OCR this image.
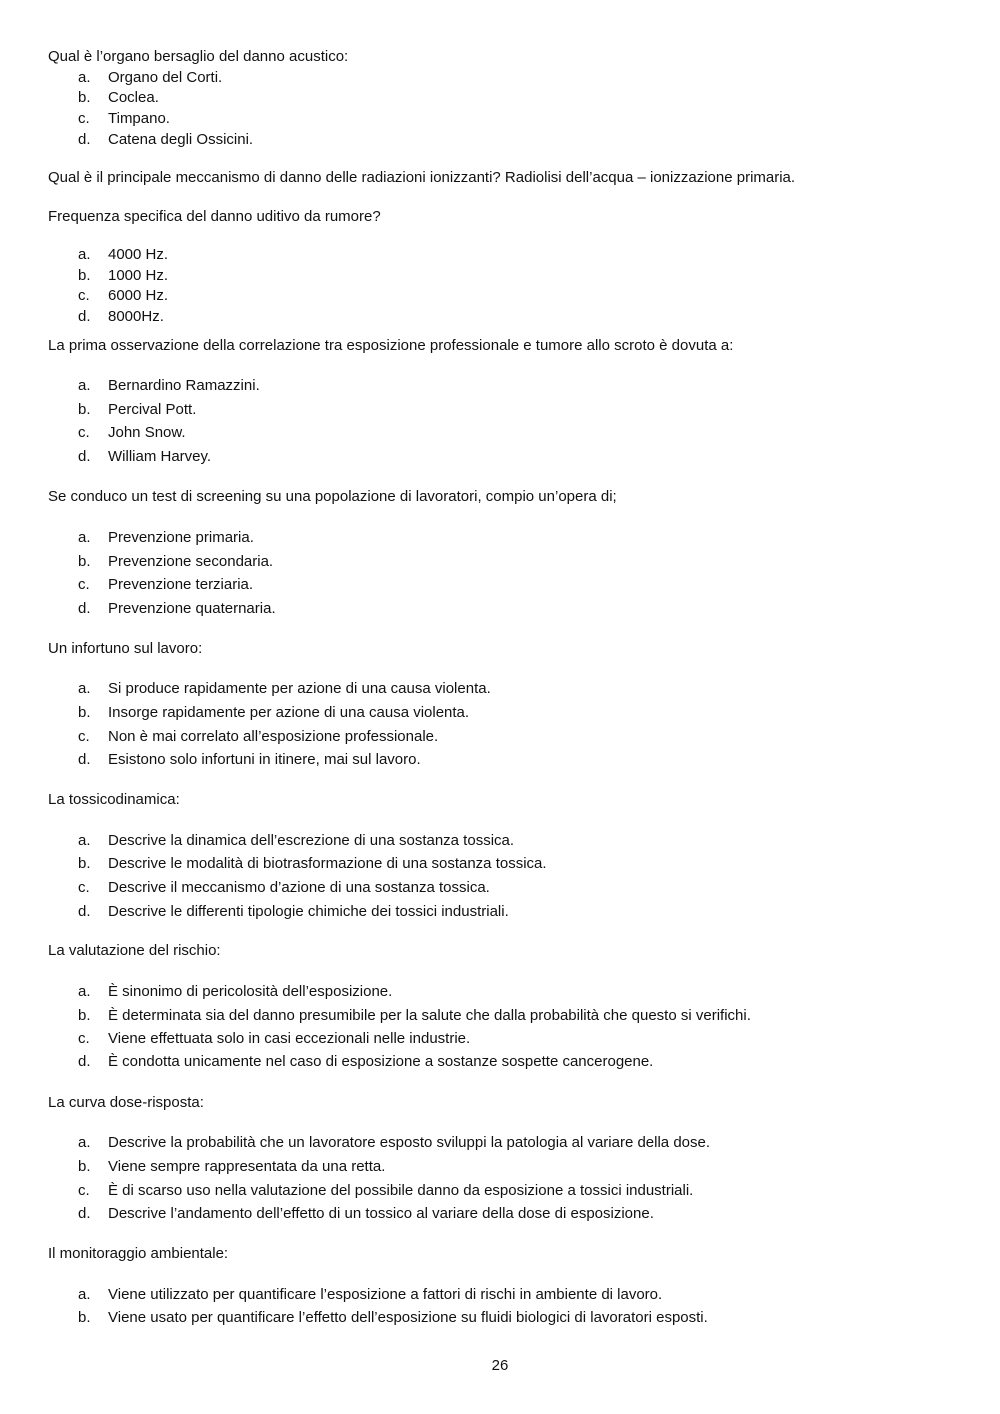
Qual è l’organo bersaglio del danno acustico:
a. Organo del Corti.
b. Coclea.
c. Timpano.
d. Catena degli Ossicini.
Qual è il principale meccanismo di danno delle radiazioni ionizzanti? Radiolisi dell’acqua – ionizzazione primaria.
Frequenza specifica del danno uditivo da rumore?
a. 4000 Hz.
b. 1000 Hz.
c. 6000 Hz.
d. 8000Hz.
La prima osservazione della correlazione tra esposizione professionale e tumore allo scroto è dovuta a:
a. Bernardino Ramazzini.
b. Percival Pott.
c. John Snow.
d. William Harvey.
Se conduco un test di screening su una popolazione di lavoratori, compio un’opera di;
a. Prevenzione primaria.
b. Prevenzione secondaria.
c. Prevenzione terziaria.
d. Prevenzione quaternaria.
Un infortuno sul lavoro:
a. Si produce rapidamente per azione di una causa violenta.
b. Insorge rapidamente per azione di una causa violenta.
c. Non è mai correlato all’esposizione professionale.
d. Esistono solo infortuni in itinere, mai sul lavoro.
La tossicodinamica:
a. Descrive la dinamica dell’escrezione di una sostanza tossica.
b. Descrive le modalità di biotrasformazione di una sostanza tossica.
c. Descrive il meccanismo d’azione di una sostanza tossica.
d. Descrive le differenti tipologie chimiche dei tossici industriali.
La valutazione del rischio:
a. È sinonimo di pericolosità dell’esposizione.
b. È determinata sia del danno presumibile per la salute che dalla probabilità che questo si verifichi.
c. Viene effettuata solo in casi eccezionali nelle industrie.
d. È condotta unicamente nel caso di esposizione a sostanze sospette cancerogene.
La curva dose-risposta:
a. Descrive la probabilità che un lavoratore esposto sviluppi la patologia al variare della dose.
b. Viene sempre rappresentata da una retta.
c. È di scarso uso nella valutazione del possibile danno da esposizione a tossici industriali.
d. Descrive l’andamento dell’effetto di un tossico al variare della dose di esposizione.
Il monitoraggio ambientale:
a. Viene utilizzato per quantificare l’esposizione a fattori di rischi in ambiente di lavoro.
b. Viene usato per quantificare l’effetto dell’esposizione su fluidi biologici di lavoratori esposti.
26
